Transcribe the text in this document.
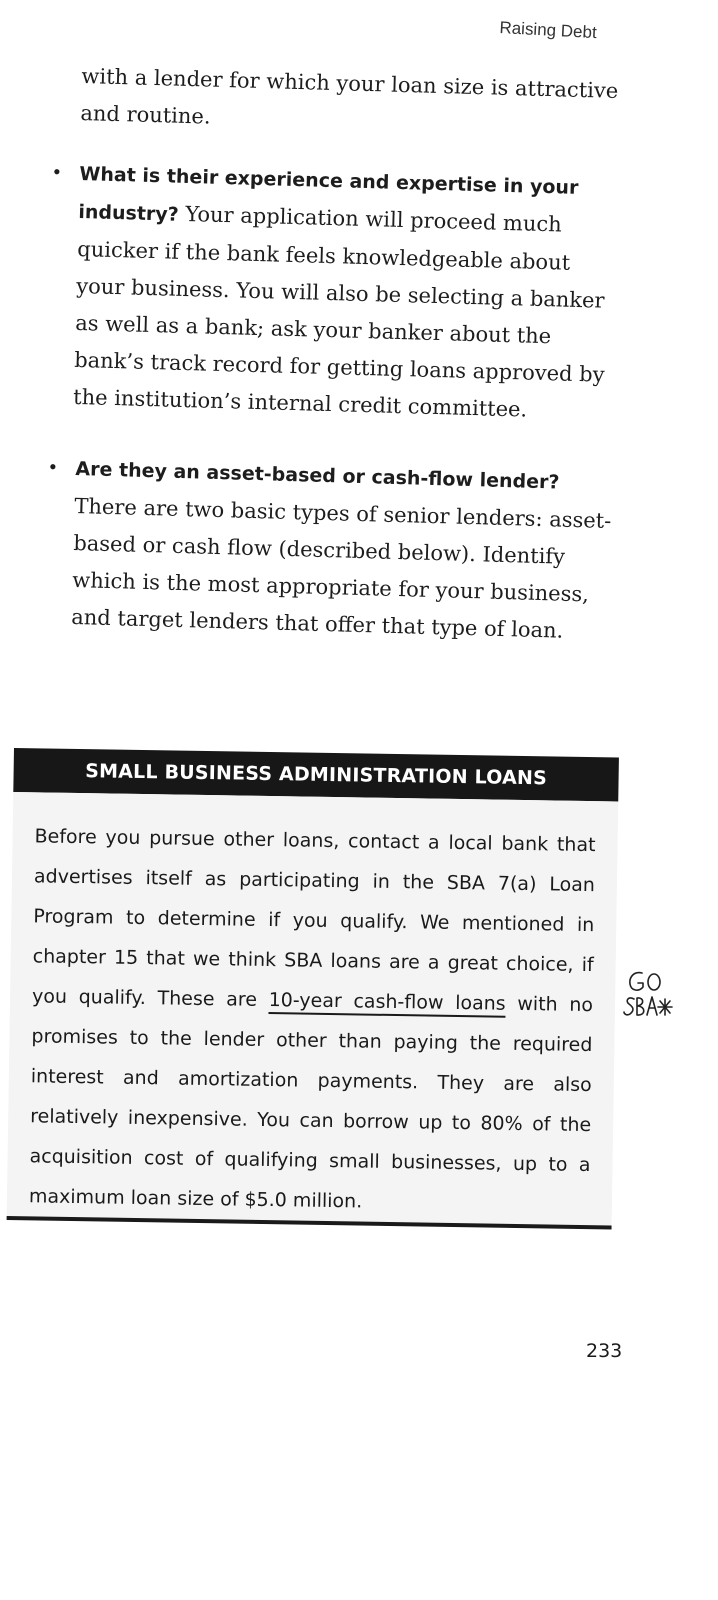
Raising Debt

with a lender for which your loan size is attractive and routine.

• What is their experience and expertise in your industry? Your application will proceed much quicker if the bank feels knowledgeable about your business. You will also be selecting a banker as well as a bank; ask your banker about the bank’s track record for getting loans approved by the institution’s internal credit committee.
• Are they an asset-based or cash-flow lender? There are two basic types of senior lenders: asset-based or cash flow (described below). Identify which is the most appropriate for your business, and target lenders that offer that type of loan.
SMALL BUSINESS ADMINISTRATION LOANS

Before you pursue other loans, contact a local bank that advertises itself as participating in the SBA 7(a) Loan Program to determine if you qualify. We mentioned in chapter 15 that we think SBA loans are a great choice, if you qualify. These are 10-year cash-flow loans with no promises to the lender other than paying the required interest and amortization payments. They are also relatively inexpensive. You can borrow up to 80% of the acquisition cost of qualifying small businesses, up to a maximum loan size of $5.0 million.

233
